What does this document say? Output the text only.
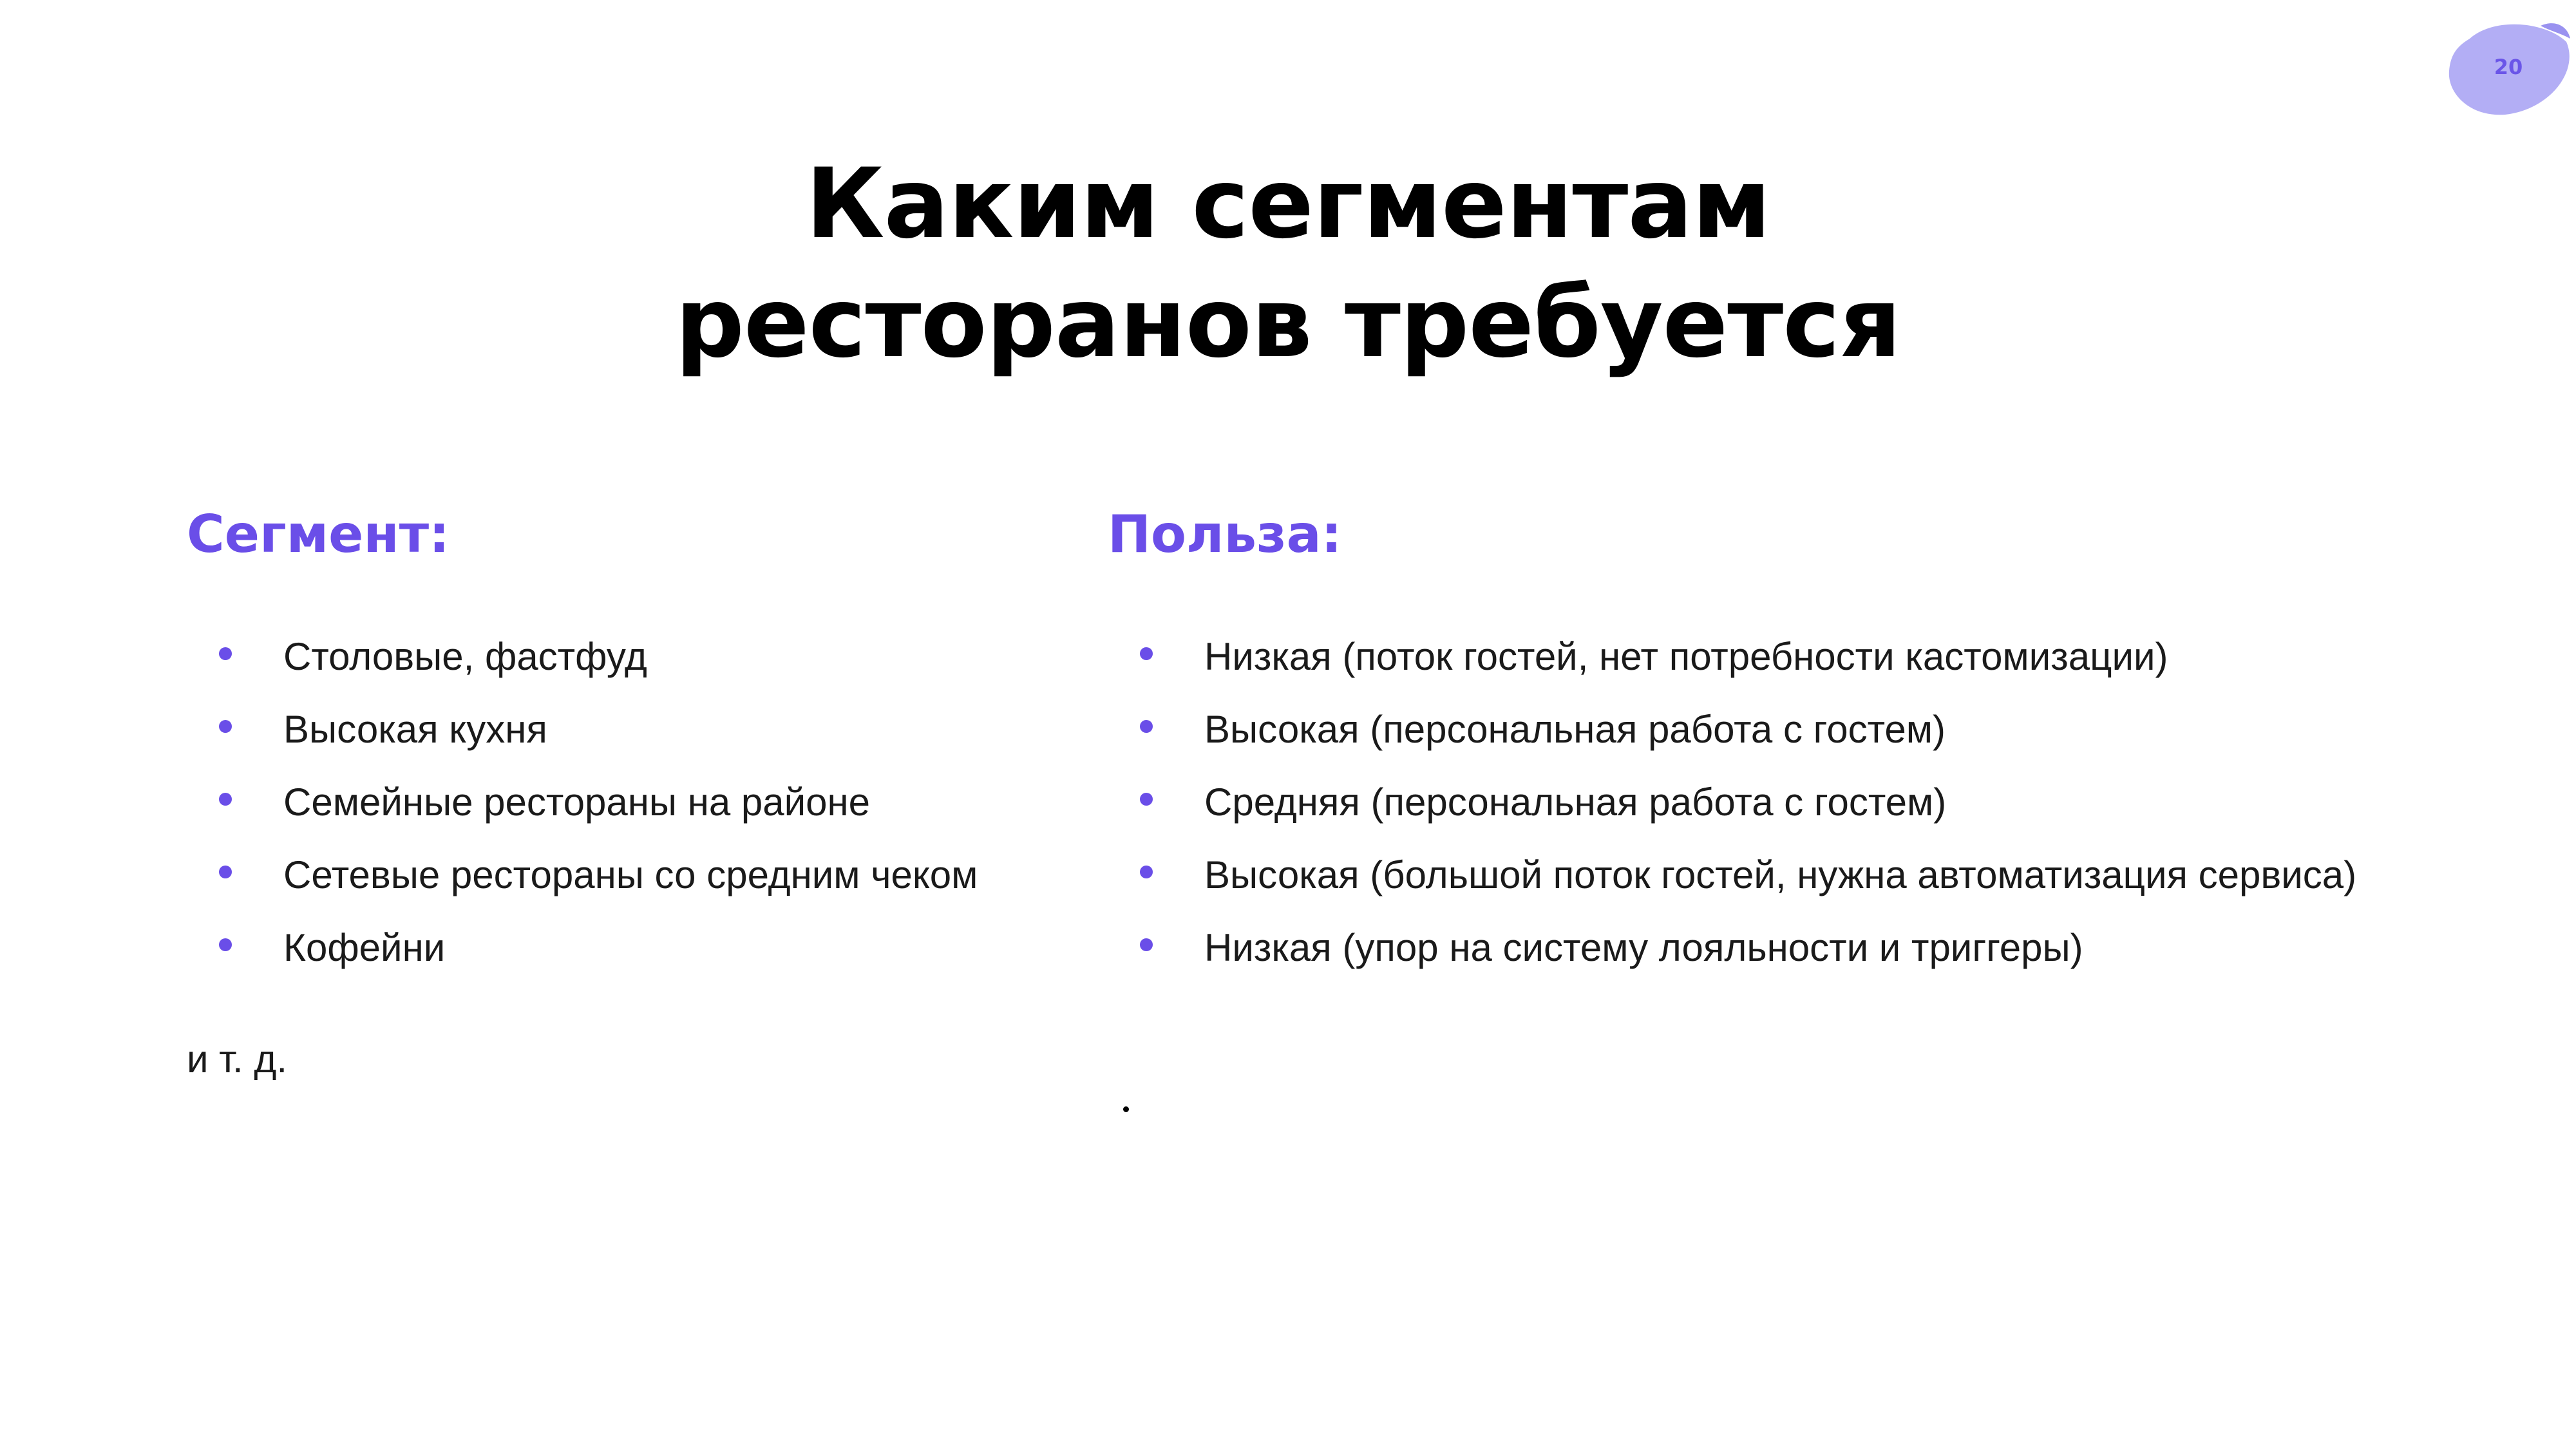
20
Каким сегментам
ресторанов требуется
Сегмент:	Польза:
Столовые, фастфуд
Высокая кухня
Семейные рестораны на районе
Сетевые рестораны со средним чеком
Кофейни
Низкая (поток гостей, нет потребности кастомизации)
Высокая (персональная работа с гостем)
Средняя (персональная работа с гостем)
Высокая (большой поток гостей, нужна автоматизация сервиса)
Низкая (упор на систему лояльности и триггеры)
и т. д.
